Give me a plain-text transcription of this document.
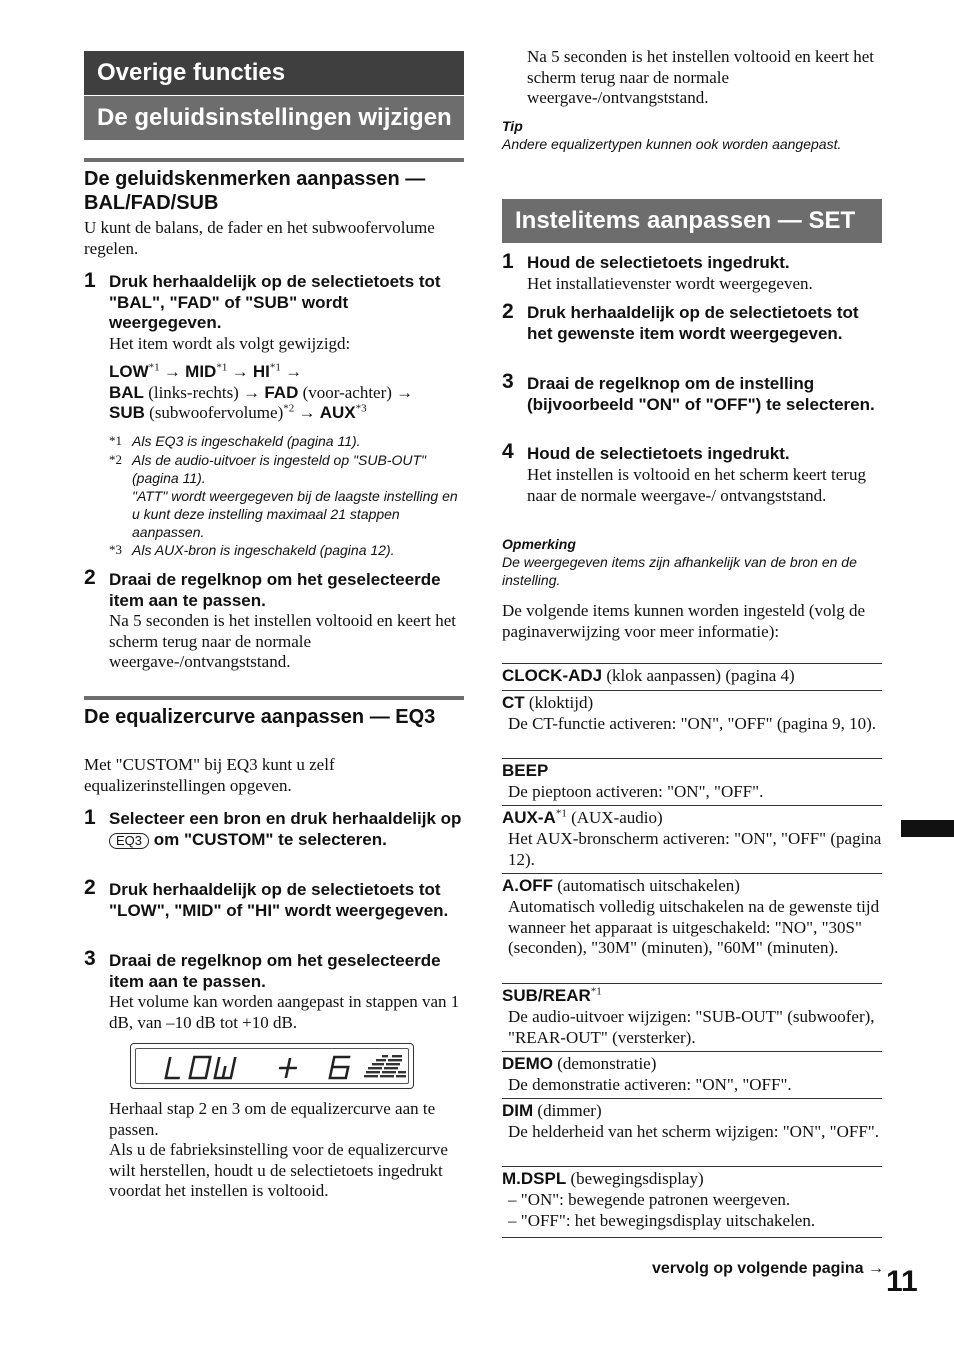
Overige functies
De geluidsinstellingen wijzigen
De geluidskenmerken aanpassen — BAL/FAD/SUB
U kunt de balans, de fader en het subwoofervolume regelen.
1 Druk herhaaldelijk op de selectietoets tot "BAL", "FAD" of "SUB" wordt weergegeven.
Het item wordt als volgt gewijzigd:
$LOW^{*1} \to MID^{*1} \to HI^{*1}$ →
BAL (links-rechts) → FAD (voor-achter) →
SUB (subwoofervolume)$^{*2}$ → $AUX^{*3}$
*1 Als EQ3 is ingeschakeld (pagina 11).
*2 Als de audio-uitvoer is ingesteld op "SUB-OUT" (pagina 11).
"ATT" wordt weergegeven bij de laagste instelling en u kunt deze instelling maximaal 21 stappen aanpassen.
*3 Als AUX-bron is ingeschakeld (pagina 12).
2 Draai de regelknop om het geselecteerde item aan te passen.
Na 5 seconden is het instellen voltooid en keert het scherm terug naar de normale weergave-/ontvangststand.
De equalizercurve aanpassen — EQ3
Met "CUSTOM" bij EQ3 kunt u zelf equalizerinstellingen opgeven.
1 Selecteer een bron en druk herhaaldelijk op EQ3 om "CUSTOM" te selecteren.
2 Druk herhaaldelijk op de selectietoets tot "LOW", "MID" of "HI" wordt weergegeven.
3 Draai de regelknop om het geselecteerde item aan te passen.
Het volume kan worden aangepast in stappen van 1 dB, van –10 dB tot +10 dB.
Herhaal stap 2 en 3 om de equalizercurve aan te passen.
Als u de fabrieksinstelling voor de equalizercurve wilt herstellen, houdt u de selectietoets ingedrukt voordat het instellen is voltooid.
Na 5 seconden is het instellen voltooid en keert het scherm terug naar de normale weergave-/ontvangststand.
Tip
Andere equalizertypen kunnen ook worden aangepast.
Instelitems aanpassen — SET
1 Houd de selectietoets ingedrukt.
Het installatievenster wordt weergegeven.
2 Druk herhaaldelijk op de selectietoets tot het gewenste item wordt weergegeven.
3 Draai de regelknop om de instelling (bijvoorbeeld "ON" of "OFF") te selecteren.
4 Houd de selectietoets ingedrukt.
Het instellen is voltooid en het scherm keert terug naar de normale weergave-/ ontvangststand.
Opmerking
De weergegeven items zijn afhankelijk van de bron en de instelling.
De volgende items kunnen worden ingesteld (volg de paginaverwijzing voor meer informatie):
CLOCK-ADJ (klok aanpassen) (pagina 4)
CT (kloktijd)
De CT-functie activeren: "ON", "OFF" (pagina 9, 10).
BEEP
De pieptoon activeren: "ON", "OFF".
AUX-$A^{*1}$ (AUX-audio)
Het AUX-bronscherm activeren: "ON", "OFF" (pagina 12).
A.OFF (automatisch uitschakelen)
Automatisch volledig uitschakelen na de gewenste tijd wanneer het apparaat is uitgeschakeld: "NO", "30S" (seconden), "30M" (minuten), "60M" (minuten).
SUB/REAR$^{*1}$
De audio-uitvoer wijzigen: "SUB-OUT" (subwoofer), "REAR-OUT" (versterker).
DEMO (demonstratie)
De demonstratie activeren: "ON", "OFF".
DIM (dimmer)
De helderheid van het scherm wijzigen: "ON", "OFF".
M.DSPL (bewegingsdisplay)
– "ON": bewegende patronen weergeven.
– "OFF": het bewegingsdisplay uitschakelen.
vervolg op volgende pagina → 11
